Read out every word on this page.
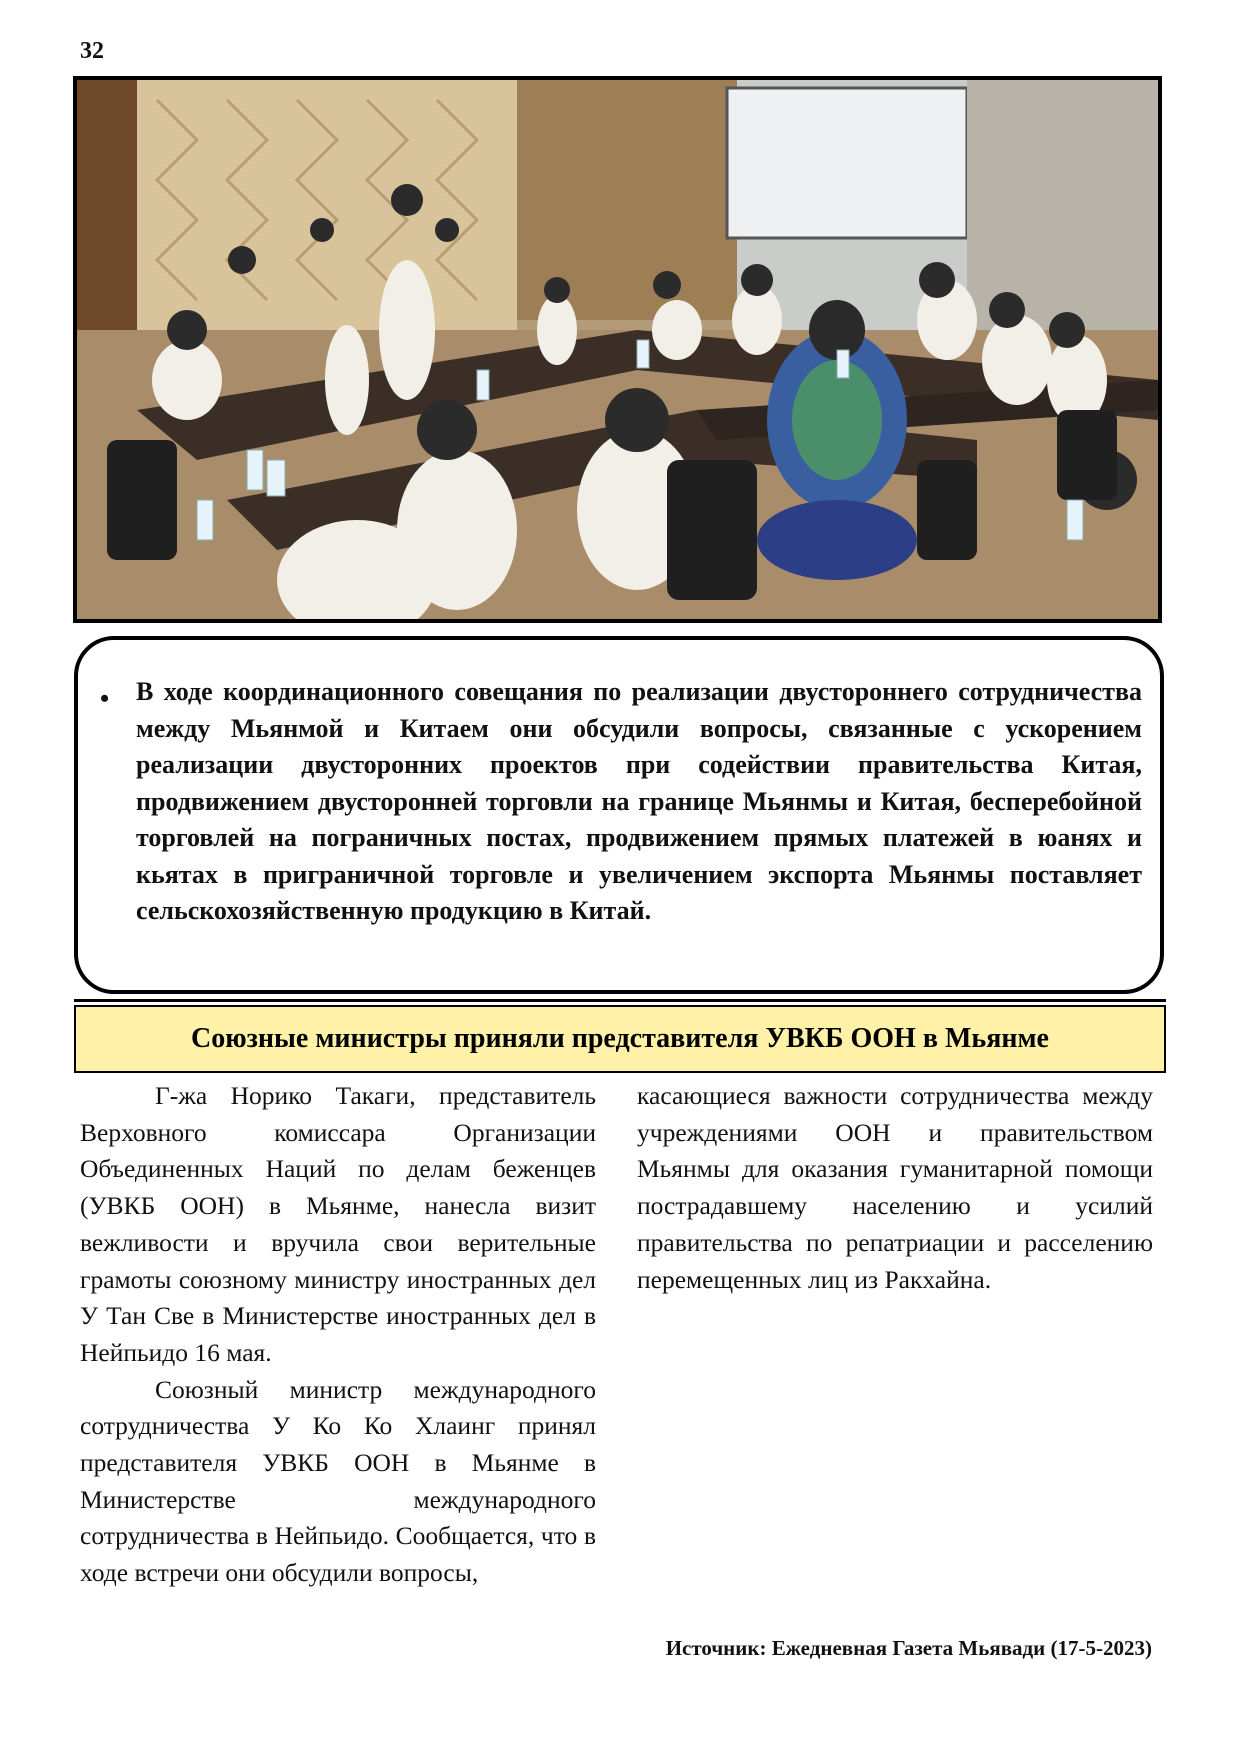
32
• В ходе координационного совещания по реализации двустороннего сотрудничества между Мьянмой и Китаем они обсудили вопросы, связанные с ускорением реализации двусторонних проектов при содействии правительства Китая, продвижением двусторонней торговли на границе Мьянмы и Китая, бесперебойной торговлей на пограничных постах, продвижением прямых платежей в юанях и кьятах в приграничной торговле и увеличением экспорта Мьянмы поставляет сельскохозяйственную продукцию в Китай.

Союзные министры приняли представителя УВКБ ООН в Мьянме

Г-жа Норико Такаги, представитель Верховного комиссара Организации Объединенных Наций по делам беженцев (УВКБ ООН) в Мьянме, нанесла визит вежливости и вручила свои верительные грамоты союзному министру иностранных дел У Тан Све в Министерстве иностранных дел в Нейпьидо 16 мая.

Союзный министр международного сотрудничества У Ко Ко Хлаинг принял представителя УВКБ ООН в Мьянме в Министерстве международного сотрудничества в Нейпьидо. Сообщается, что в ходе встречи они обсудили вопросы,

касающиеся важности сотрудничества между учреждениями ООН и правительством Мьянмы для оказания гуманитарной помощи пострадавшему населению и усилий правительства по репатриации и расселению перемещенных лиц из Ракхайна.

Источник: Ежедневная Газета Мьявади (17-5-2023)
